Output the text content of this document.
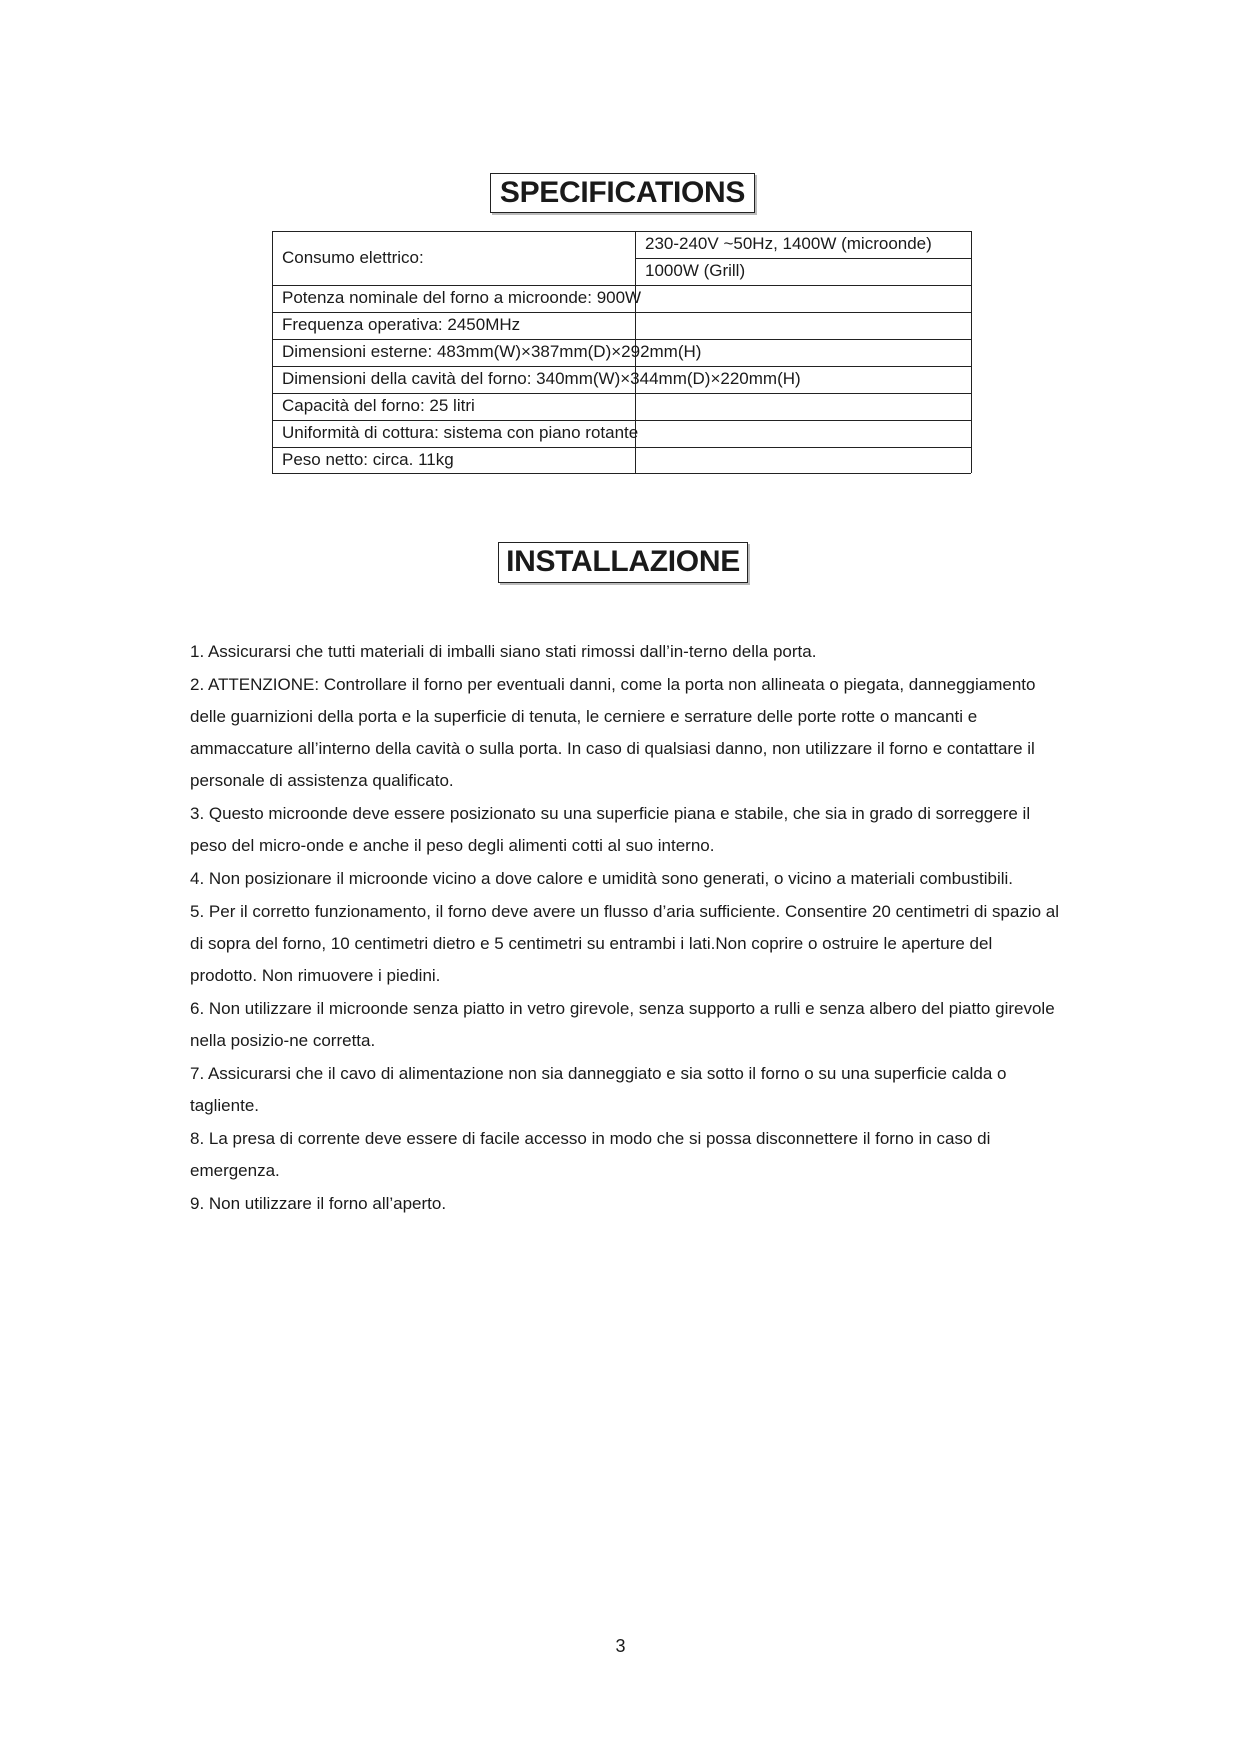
SPECIFICATIONS
Consumo elettrico:
230-240V ~50Hz, 1400W (microonde)
1000W (Grill)
Potenza nominale del forno a microonde: 900W
Frequenza operativa: 2450MHz
Dimensioni esterne: 483mm(W)×387mm(D)×292mm(H)
Dimensioni della cavità del forno: 340mm(W)×344mm(D)×220mm(H)
Capacità del forno: 25 litri
Uniformità di cottura: sistema con piano rotante
Peso netto: circa. 11kg
INSTALLAZIONE
1. Assicurarsi che tutti materiali di imballi siano stati rimossi dall’in-terno della porta.
2. ATTENZIONE: Controllare il forno per eventuali danni, come la porta non allineata o piegata, danneggiamento delle guarnizioni della porta e la superficie di tenuta, le cerniere e serrature delle porte rotte o mancanti e ammaccature all’interno della cavità o sulla porta. In caso di qualsiasi danno, non utilizzare il forno e contattare il personale di assistenza qualificato.
3. Questo microonde deve essere posizionato su una superficie piana e stabile, che sia in grado di sorreggere il peso del micro-onde e anche il peso degli alimenti cotti al suo interno.
4. Non posizionare il microonde vicino a dove calore e umidità sono generati, o vicino a materiali combustibili.
5. Per il corretto funzionamento, il forno deve avere un flusso d’aria sufficiente. Consentire 20 centimetri di spazio al di sopra del forno, 10 centimetri dietro e 5 centimetri su entrambi i lati.Non coprire o ostruire le aperture del prodotto. Non rimuovere i piedini.
6. Non utilizzare il microonde senza piatto in vetro girevole, senza supporto a rulli e senza albero del piatto girevole nella posizio-ne corretta.
7. Assicurarsi che il cavo di alimentazione non sia danneggiato e sia sotto il forno o su una superficie calda o tagliente.
8. La presa di corrente deve essere di facile accesso in modo che si possa disconnettere il forno in caso di emergenza.
9. Non utilizzare il forno all’aperto.
3
